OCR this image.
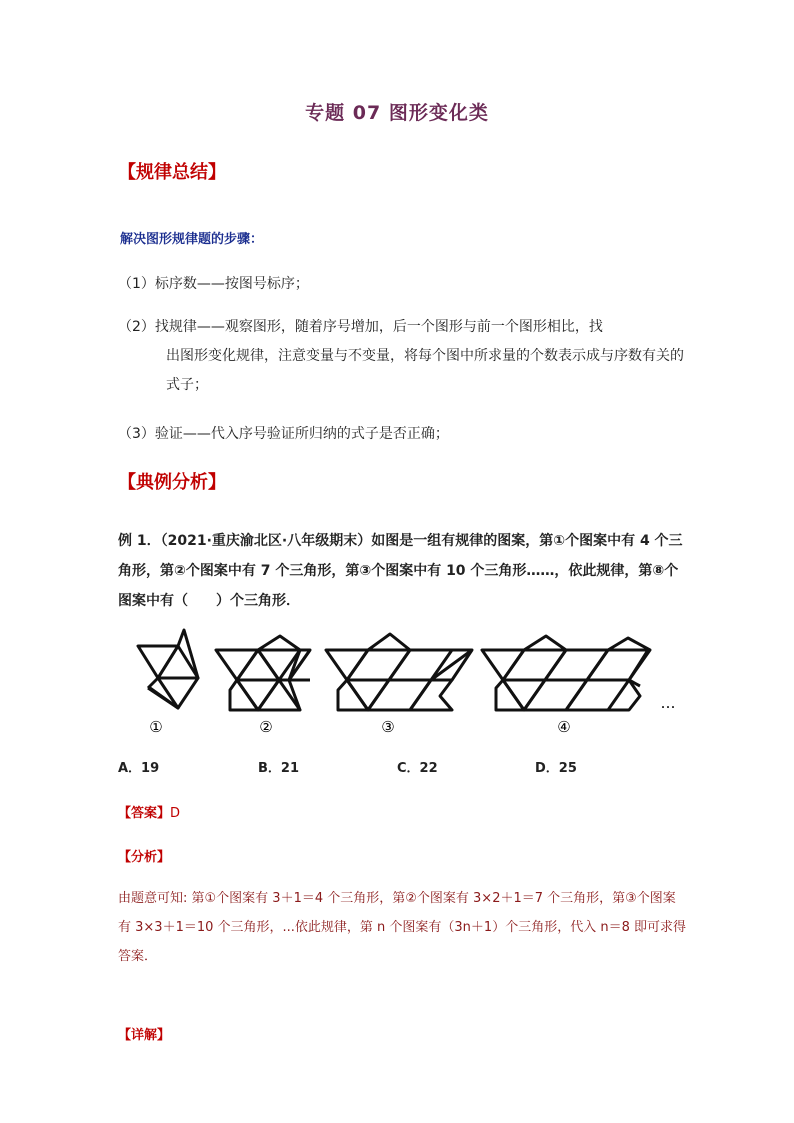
专题 07 图形变化类
【规律总结】
解决图形规律题的步骤：
（1）标序数——按图号标序；
（2）找规律——观察图形，随着序号增加，后一个图形与前一个图形相比，找
出图形变化规律，注意变量与不变量，将每个图中所求量的个数表示成与序数有关的式子；
（3）验证——代入序号验证所归纳的式子是否正确；
【典例分析】
例 1．（2021·重庆渝北区·八年级期末）如图是一组有规律的图案，第①个图案中有 4 个三角形，第②个图案中有 7 个三角形，第③个图案中有 10 个三角形……，依此规律，第⑧个图案中有（　　）个三角形．
①	②	③	④
…
A．19	B．21	C．22	D．25
【答案】D
【分析】
由题意可知: 第①个图案有 3＋1＝4 个三角形，第②个图案有 3×2＋1＝7 个三角形，第③个图案有 3×3＋1＝10 个三角形，...依此规律，第 n 个图案有（3n＋1）个三角形，代入 n＝8 即可求得答案．
【详解】
